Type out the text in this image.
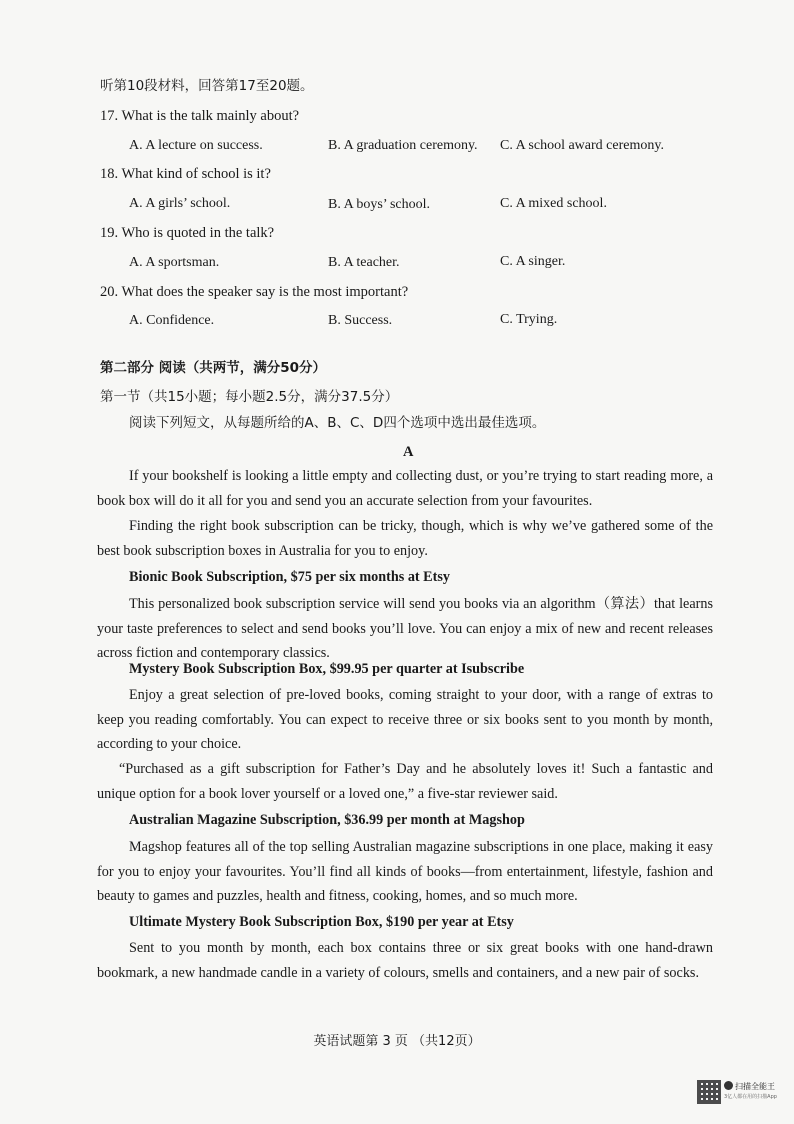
听第10段材料，回答第17至20题。
17. What is the talk mainly about?
A. A lecture on success.	B. A graduation ceremony. C. A school award ceremony.
18. What kind of school is it?
A. A girls’ school.	B. A boys’ school.	C. A mixed school.
19. Who is quoted in the talk?
A. A sportsman.	B. A teacher.	C. A singer.
20. What does the speaker say is the most important?
A. Confidence.	B. Success.	C. Trying.
第二部分 阅读（共两节，满分50分）
第一节（共15小题；每小题2.5分，满分37.5分）
阅读下列短文，从每题所给的A、B、C、D四个选项中选出最佳选项。
A
If your bookshelf is looking a little empty and collecting dust, or you’re trying to start reading more, a book box will do it all for you and send you an accurate selection from your favourites.
Finding the right book subscription can be tricky, though, which is why we’ve gathered some of the best book subscription boxes in Australia for you to enjoy.
Bionic Book Subscription, $75 per six months at Etsy
This personalized book subscription service will send you books via an algorithm（算法）that learns your taste preferences to select and send books you’ll love. You can enjoy a mix of new and recent releases across fiction and contemporary classics.
Mystery Book Subscription Box, $99.95 per quarter at Isubscribe
Enjoy a great selection of pre-loved books, coming straight to your door, with a range of extras to keep you reading comfortably. You can expect to receive three or six books sent to you month by month, according to your choice.
“Purchased as a gift subscription for Father’s Day and he absolutely loves it! Such a fantastic and unique option for a book lover yourself or a loved one,” a five-star reviewer said.
Australian Magazine Subscription, $36.99 per month at Magshop
Magshop features all of the top selling Australian magazine subscriptions in one place, making it easy for you to enjoy your favourites. You’ll find all kinds of books—from entertainment, lifestyle, fashion and beauty to games and puzzles, health and fitness, cooking, homes, and so much more.
Ultimate Mystery Book Subscription Box, $190 per year at Etsy
Sent to you month by month, each box contains three or six great books with one hand-drawn bookmark, a new handmade candle in a variety of colours, smells and containers, and a new pair of socks.
英语试题第 3 页 （共12页）
扫描全能王
3亿人都在用的扫描App
